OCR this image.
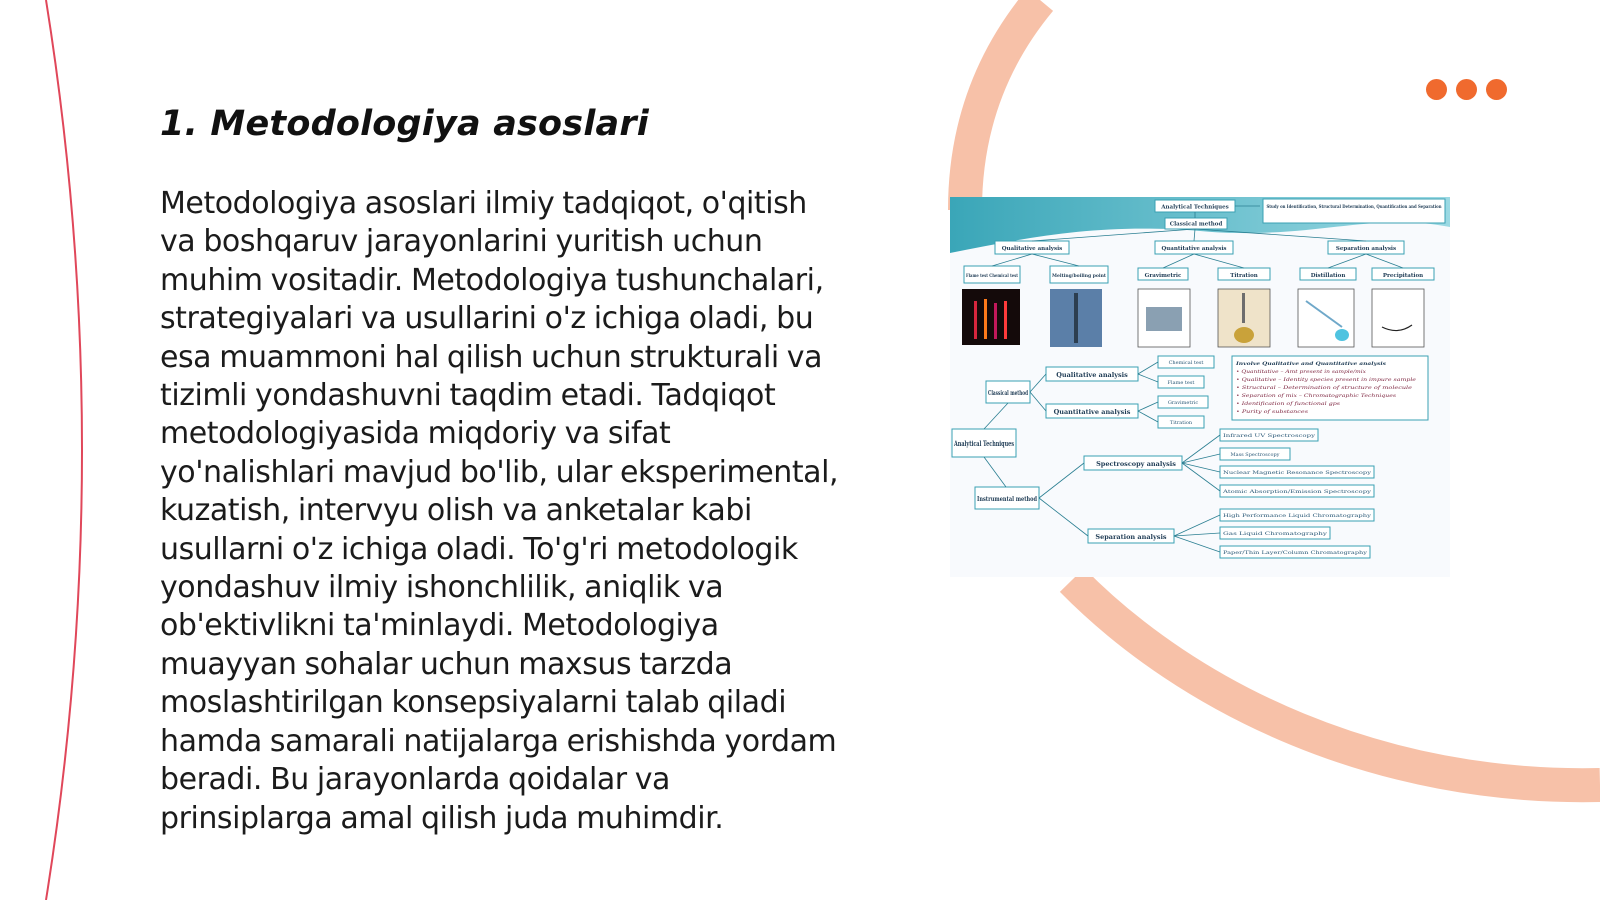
1. Metodologiya asoslari

Metodologiya asoslari ilmiy tadqiqot, o'qitish va boshqaruv jarayonlarini yuritish uchun muhim vositadir. Metodologiya tushunchalari, strategiyalari va usullarini o'z ichiga oladi, bu esa muammoni hal qilish uchun strukturali va tizimli yondashuvni taqdim etadi. Tadqiqot metodologiyasida miqdoriy va sifat yo'nalishlari mavjud bo'lib, ular eksperimental, kuzatish, intervyu olish va anketalar kabi usullarni o'z ichiga oladi. To'g'ri metodologik yondashuv ilmiy ishonchlilik, aniqlik va ob'ektivlikni ta'minlaydi. Metodologiya muayyan sohalar uchun maxsus tarzda moslashtirilgan konsepsiyalarni talab qiladi hamda samarali natijalarga erishishda yordam beradi. Bu jarayonlarda qoidalar va prinsiplarga amal qilish juda muhimdir.

Analytical Techniques	Study on Identification, Structural Determination, Quantification and Separation
Classical method
Qualitative analysis	Quantitative analysis	Separation analysis
Flame test Chemical test	Melting/boiling point	Gravimetric	Titration	Distillation	Precipitation
Classical method
Analytical Techniques
Instrumental method
Qualitative analysis
Quantitative analysis
Spectroscopy analysis
Separation analysis
Chemical test
Flame test
Gravimetric
Titration
Infrared UV Spectroscopy
Mass Spectroscopy
Nuclear Magnetic Resonance Spectroscopy
Atomic Absorption/Emission Spectroscopy
High Performance Liquid Chromatography
Gas Liquid Chromatography
Paper/Thin Layer/Column Chromatography
Involve Qualitative and Quantitative analysis
• Quantitative – Amt present in sample/mix
• Qualitative – Identity species present in impure sample
• Structural – Determination of structure of molecule
• Separation of mix – Chromatographic Techniques
• Identification of functional gps
• Purity of substances
